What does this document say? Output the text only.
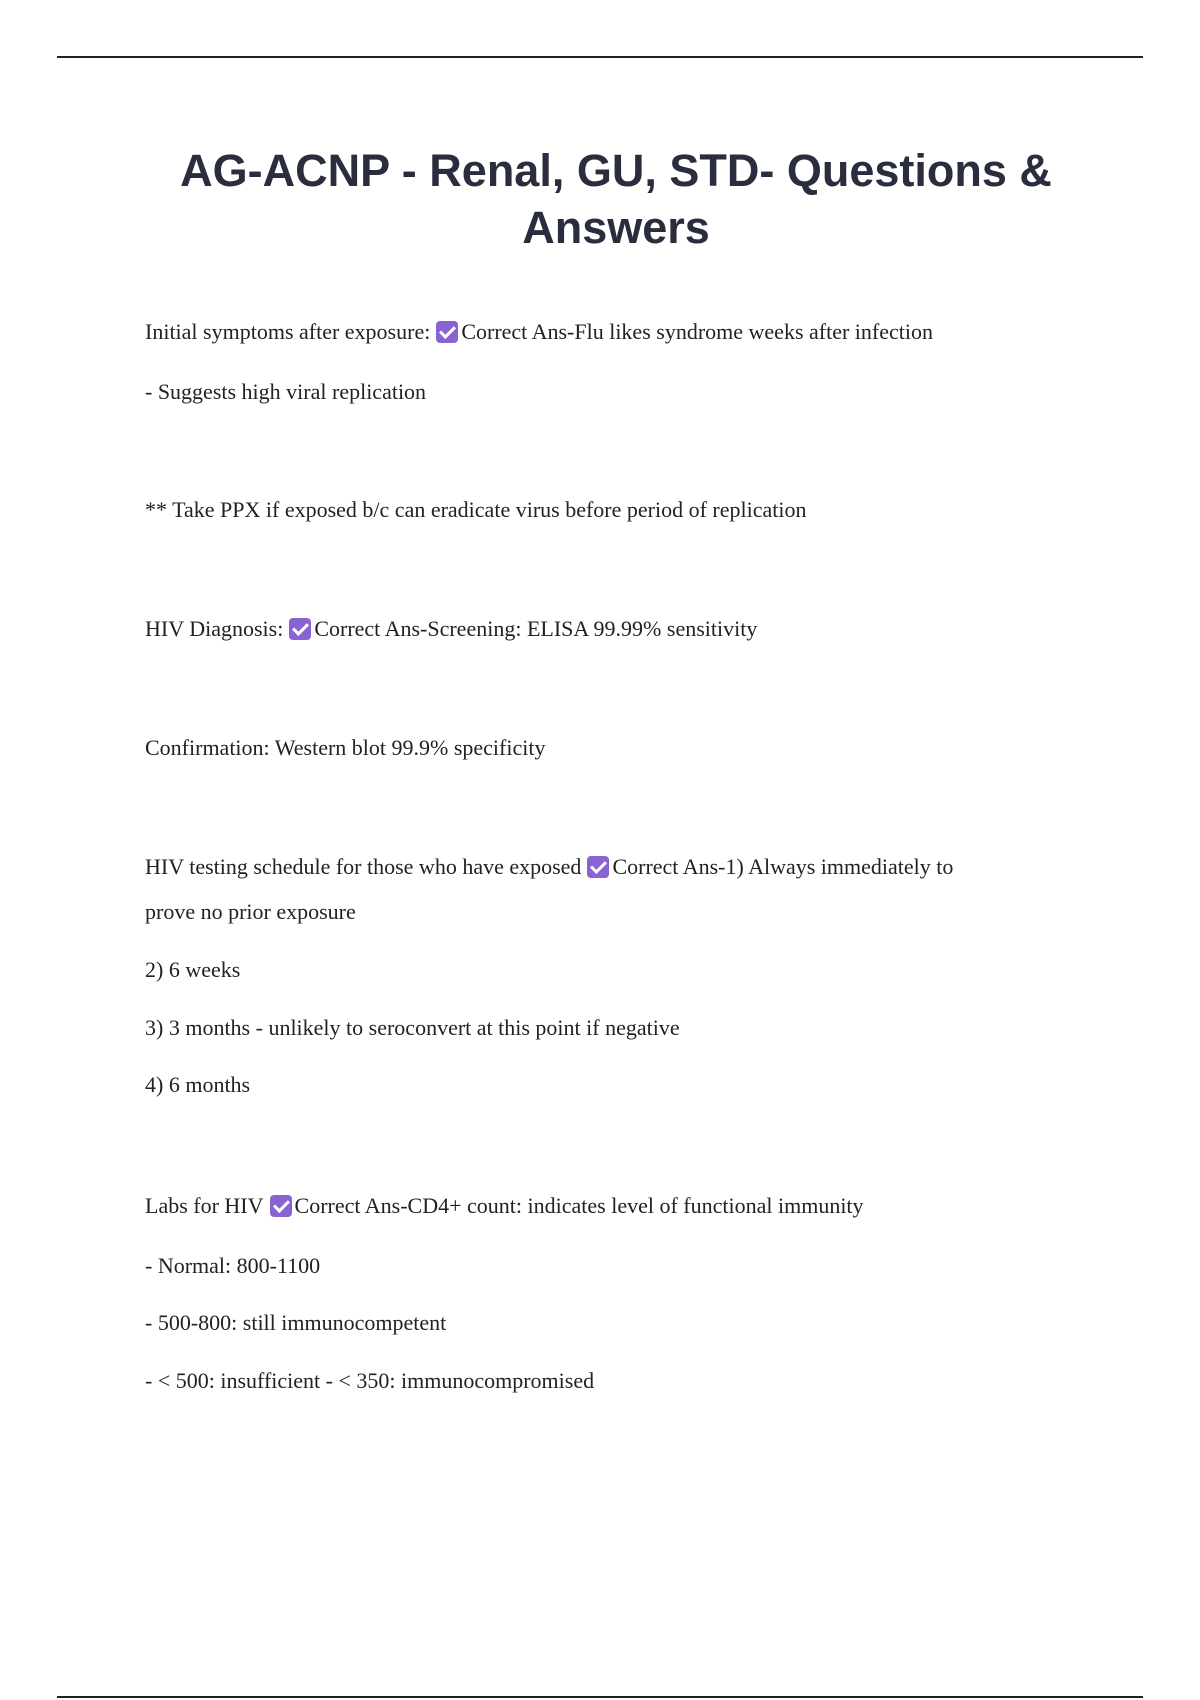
AG-ACNP - Renal, GU, STD- Questions & Answers
Initial symptoms after exposure: Correct Ans-Flu likes syndrome weeks after infection
- Suggests high viral replication
** Take PPX if exposed b/c can eradicate virus before period of replication
HIV Diagnosis: Correct Ans-Screening: ELISA 99.99% sensitivity
Confirmation: Western blot 99.9% specificity
HIV testing schedule for those who have exposed Correct Ans-1) Always immediately to
prove no prior exposure
2) 6 weeks
3) 3 months - unlikely to seroconvert at this point if negative
4) 6 months
Labs for HIV Correct Ans-CD4+ count: indicates level of functional immunity
- Normal: 800-1100
- 500-800: still immunocompetent
- < 500: insufficient - < 350: immunocompromised
